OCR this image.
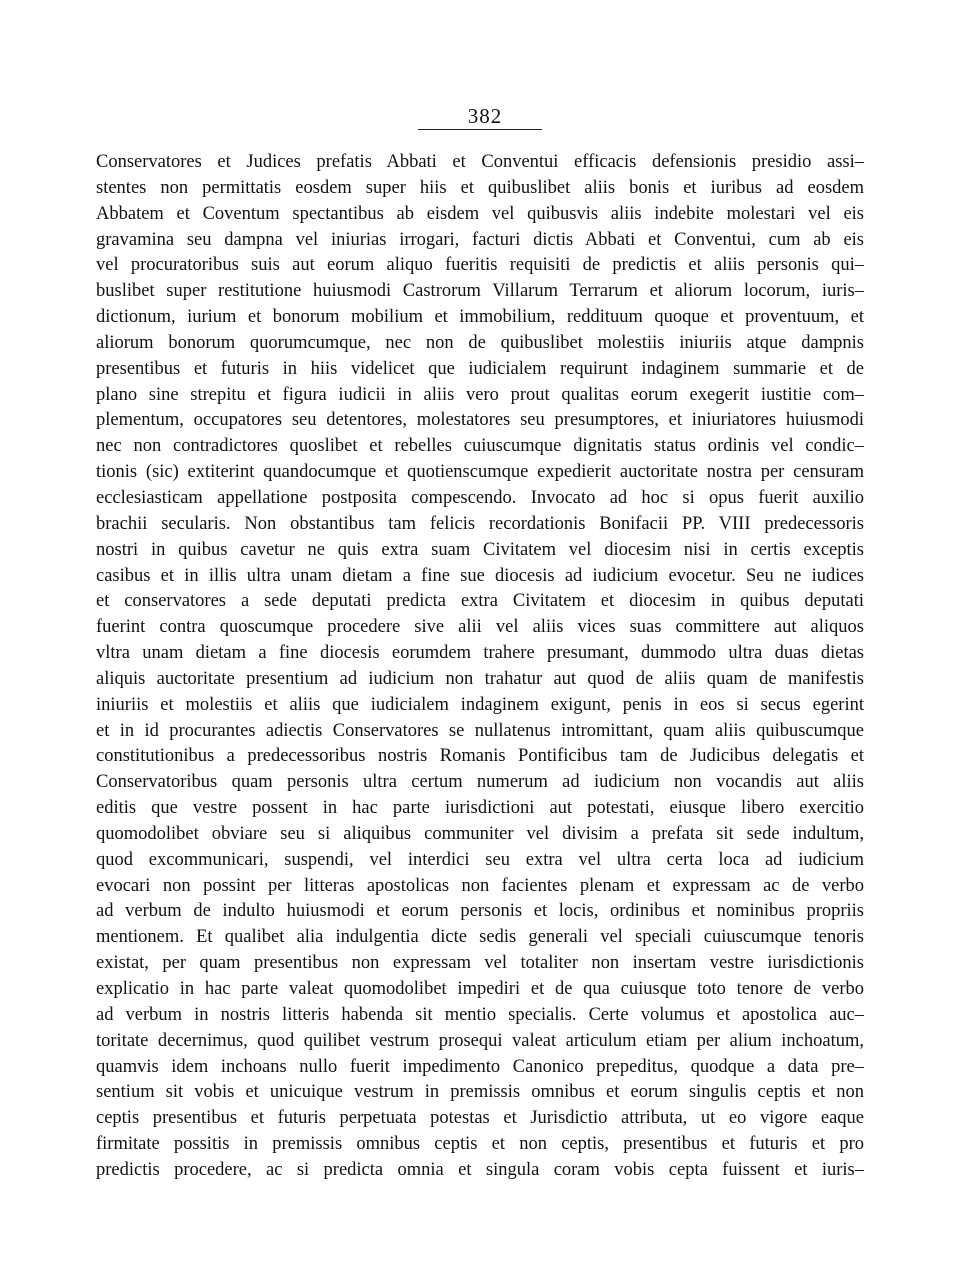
382
Conservatores et Judices prefatis Abbati et Conventui efficacis defensionis presidio assi–
stentes non permittatis eosdem super hiis et quibuslibet aliis bonis et iuribus ad eosdem
Abbatem et Coventum spectantibus ab eisdem vel quibusvis aliis indebite molestari vel eis
gravamina seu dampna vel iniurias irrogari, facturi dictis Abbati et Conventui, cum ab eis
vel procuratoribus suis aut eorum aliquo fueritis requisiti de predictis et aliis personis qui–
buslibet super restitutione huiusmodi Castrorum Villarum Terrarum et aliorum locorum, iuris–
dictionum, iurium et bonorum mobilium et immobilium, reddituum quoque et proventuum, et
aliorum bonorum quorumcumque, nec non de quibuslibet molestiis iniuriis atque dampnis
presentibus et futuris in hiis videlicet que iudicialem requirunt indaginem summarie et de
plano sine strepitu et figura iudicii in aliis vero prout qualitas eorum exegerit iustitie com–
plementum, occupatores seu detentores, molestatores seu presumptores, et iniuriatores huiusmodi
nec non contradictores quoslibet et rebelles cuiuscumque dignitatis status ordinis vel condic–
tionis (sic) extiterint quandocumque et quotienscumque expedierit auctoritate nostra per censuram
ecclesiasticam appellatione postposita compescendo. Invocato ad hoc si opus fuerit auxilio
brachii secularis. Non obstantibus tam felicis recordationis Bonifacii PP. VIII predecessoris
nostri in quibus cavetur ne quis extra suam Civitatem vel diocesim nisi in certis exceptis
casibus et in illis ultra unam dietam a fine sue diocesis ad iudicium evocetur. Seu ne iudices
et conservatores a sede deputati predicta extra Civitatem et diocesim in quibus deputati
fuerint contra quoscumque procedere sive alii vel aliis vices suas committere aut aliquos
vltra unam dietam a fine diocesis eorumdem trahere presumant, dummodo ultra duas dietas
aliquis auctoritate presentium ad iudicium non trahatur aut quod de aliis quam de manifestis
iniuriis et molestiis et aliis que iudicialem indaginem exigunt, penis in eos si secus egerint
et in id procurantes adiectis Conservatores se nullatenus intromittant, quam aliis quibuscumque
constitutionibus a predecessoribus nostris Romanis Pontificibus tam de Judicibus delegatis et
Conservatoribus quam personis ultra certum numerum ad iudicium non vocandis aut aliis
editis que vestre possent in hac parte iurisdictioni aut potestati, eiusque libero exercitio
quomodolibet obviare seu si aliquibus communiter vel divisim a prefata sit sede indultum,
quod excommunicari, suspendi, vel interdici seu extra vel ultra certa loca ad iudicium
evocari non possint per litteras apostolicas non facientes plenam et expressam ac de verbo
ad verbum de indulto huiusmodi et eorum personis et locis, ordinibus et nominibus propriis
mentionem. Et qualibet alia indulgentia dicte sedis generali vel speciali cuiuscumque tenoris
existat, per quam presentibus non expressam vel totaliter non insertam vestre iurisdictionis
explicatio in hac parte valeat quomodolibet impediri et de qua cuiusque toto tenore de verbo
ad verbum in nostris litteris habenda sit mentio specialis. Certe volumus et apostolica auc–
toritate decernimus, quod quilibet vestrum prosequi valeat articulum etiam per alium inchoatum,
quamvis idem inchoans nullo fuerit impedimento Canonico prepeditus, quodque a data pre–
sentium sit vobis et unicuique vestrum in premissis omnibus et eorum singulis ceptis et non
ceptis presentibus et futuris perpetuata potestas et Jurisdictio attributa, ut eo vigore eaque
firmitate possitis in premissis omnibus ceptis et non ceptis, presentibus et futuris et pro
predictis procedere, ac si predicta omnia et singula coram vobis cepta fuissent et iuris–
